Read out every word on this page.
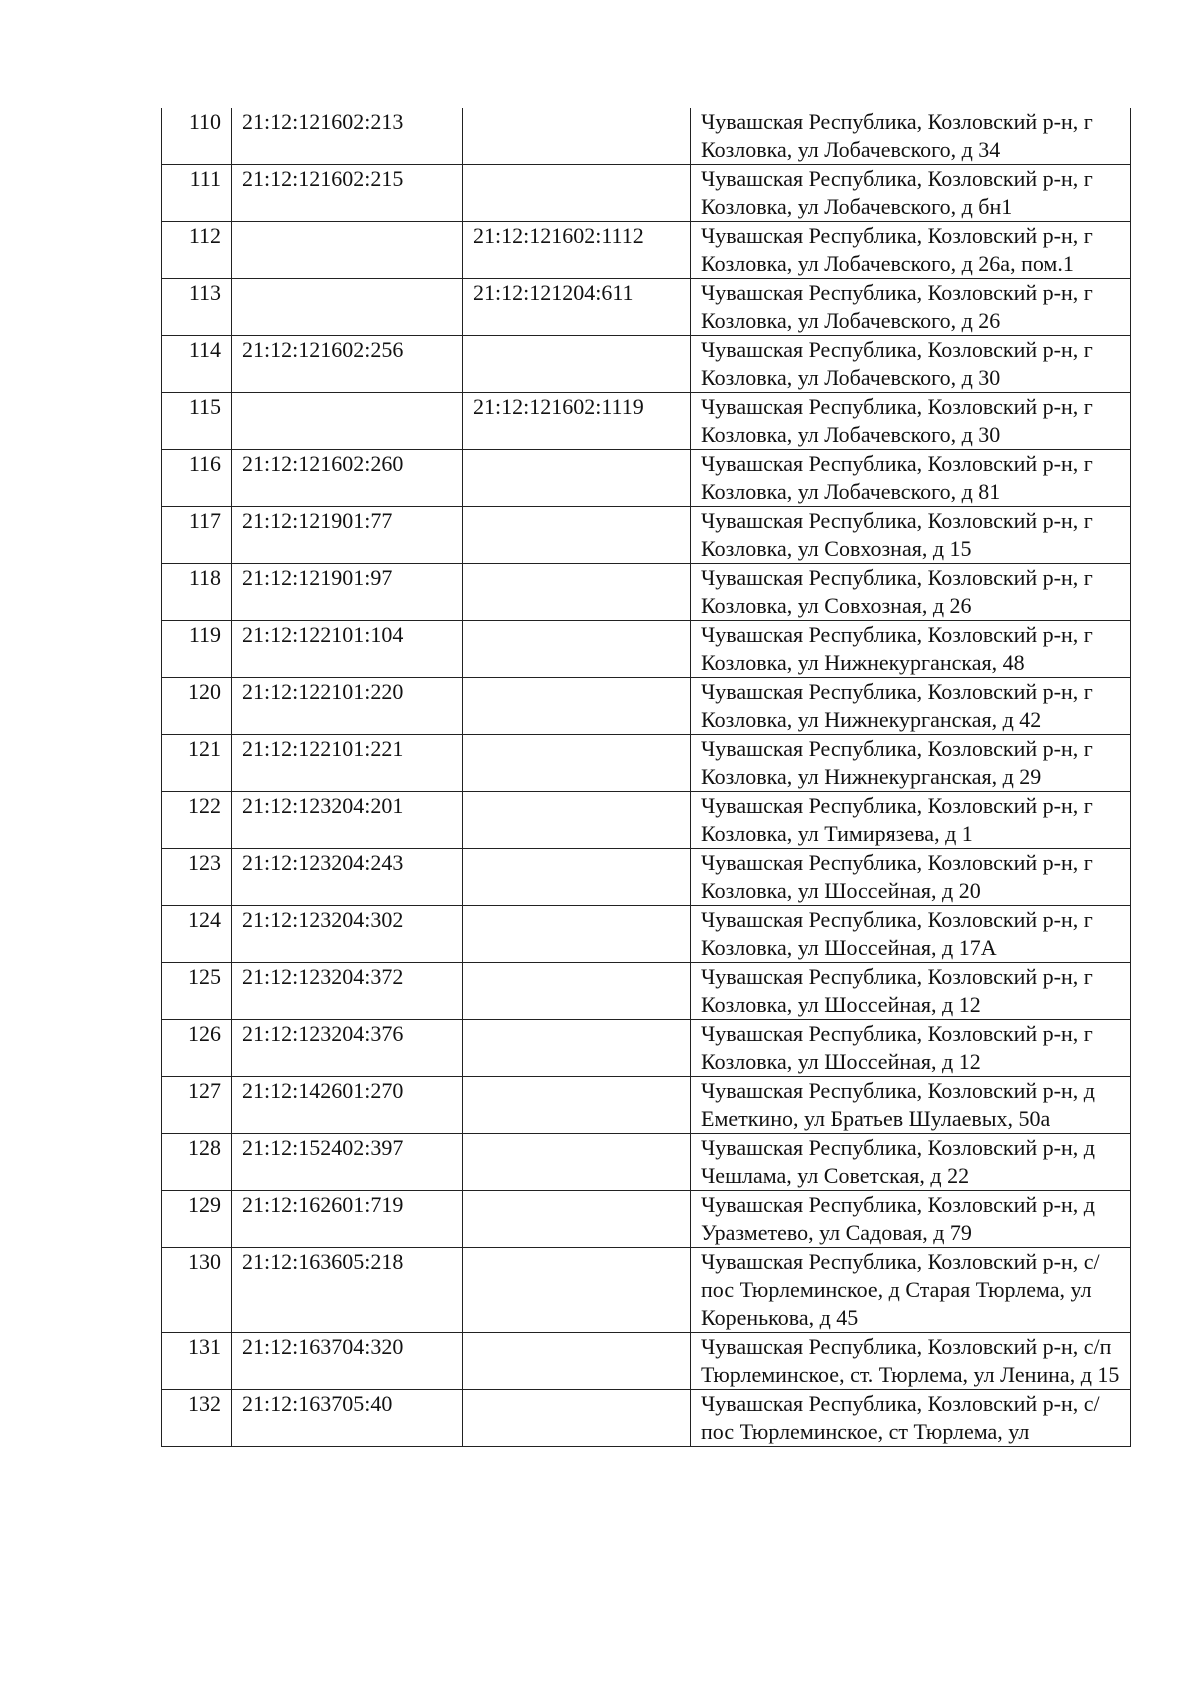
110	21:12:121602:213		Чувашская Республика, Козловский р-н, г Козловка, ул Лобачевского, д 34
111	21:12:121602:215		Чувашская Республика, Козловский р-н, г Козловка, ул Лобачевского, д бн1
112		21:12:121602:1112	Чувашская Республика, Козловский р-н, г Козловка, ул Лобачевского, д 26а, пом.1
113		21:12:121204:611	Чувашская Республика, Козловский р-н, г Козловка, ул Лобачевского, д 26
114	21:12:121602:256		Чувашская Республика, Козловский р-н, г Козловка, ул Лобачевского, д 30
115		21:12:121602:1119	Чувашская Республика, Козловский р-н, г Козловка, ул Лобачевского, д 30
116	21:12:121602:260		Чувашская Республика, Козловский р-н, г Козловка, ул Лобачевского, д 81
117	21:12:121901:77		Чувашская Республика, Козловский р-н, г Козловка, ул Совхозная, д 15
118	21:12:121901:97		Чувашская Республика, Козловский р-н, г Козловка, ул Совхозная, д 26
119	21:12:122101:104		Чувашская Республика, Козловский р-н, г Козловка, ул Нижнекурганская, 48
120	21:12:122101:220		Чувашская Республика, Козловский р-н, г Козловка, ул Нижнекурганская, д 42
121	21:12:122101:221		Чувашская Республика, Козловский р-н, г Козловка, ул Нижнекурганская, д 29
122	21:12:123204:201		Чувашская Республика, Козловский р-н, г Козловка, ул Тимирязева, д 1
123	21:12:123204:243		Чувашская Республика, Козловский р-н, г Козловка, ул Шоссейная, д 20
124	21:12:123204:302		Чувашская Республика, Козловский р-н, г Козловка, ул Шоссейная, д 17А
125	21:12:123204:372		Чувашская Республика, Козловский р-н, г Козловка, ул Шоссейная, д 12
126	21:12:123204:376		Чувашская Республика, Козловский р-н, г Козловка, ул Шоссейная, д 12
127	21:12:142601:270		Чувашская Республика, Козловский р-н, д Еметкино, ул Братьев Шулаевых, 50а
128	21:12:152402:397		Чувашская Республика, Козловский р-н, д Чешлама, ул Советская, д 22
129	21:12:162601:719		Чувашская Республика, Козловский р-н, д Уразметево, ул Садовая, д 79
130	21:12:163605:218		Чувашская Республика, Козловский р-н, с/пос Тюрлеминское, д Старая Тюрлема, ул Коренькова, д 45
131	21:12:163704:320		Чувашская Республика, Козловский р-н, с/п Тюрлеминское, ст. Тюрлема, ул Ленина, д 15
132	21:12:163705:40		Чувашская Республика, Козловский р-н, с/пос Тюрлеминское, ст Тюрлема, ул
